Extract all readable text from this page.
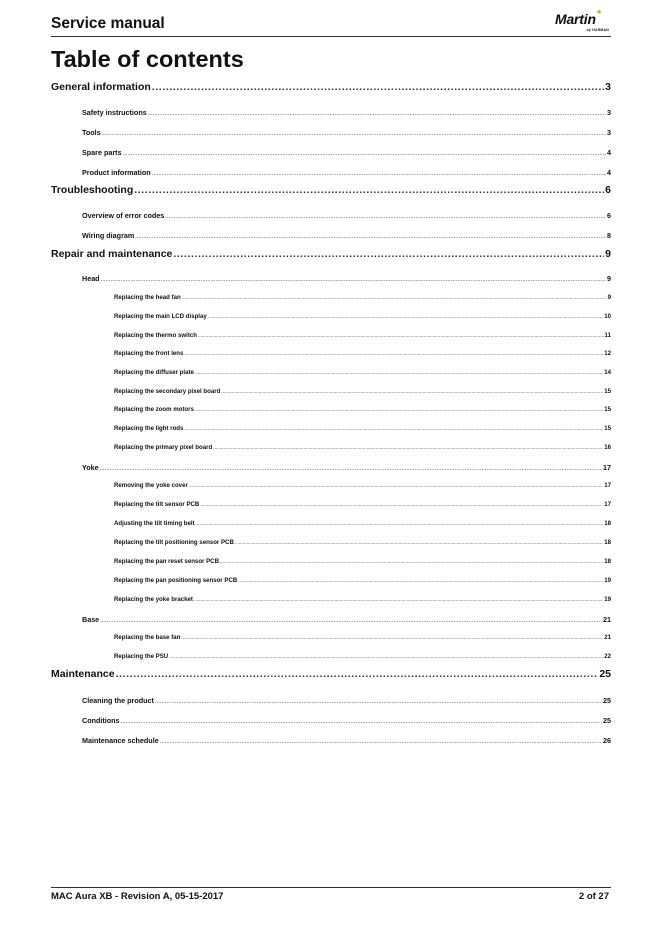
Service manual	Martin ★
by HARMAN
Table of contents
General information .....	3
Safety instructions .....	3
Tools .....	3
Spare parts .....	4
Product information .....	4
Troubleshooting .....	6
Overview of error codes .....	6
Wiring diagram .....	8
Repair and maintenance .....	9
Head .....	9
Replacing the head fan .....	9
Replacing the main LCD display .....	10
Replacing the thermo switch .....	11
Replacing the front lens .....	12
Replacing the diffuser plate .....	14
Replacing the secondary pixel board .....	15
Replacing the zoom motors .....	15
Replacing the light rods .....	15
Replacing the primary pixel board .....	16
Yoke .....	17
Removing the yoke cover .....	17
Replacing the tilt sensor PCB .....	17
Adjusting the tilt timing belt .....	18
Replacing the tilt positioning sensor PCB .....	18
Replacing the pan reset sensor PCB .....	18
Replacing the pan positioning sensor PCB .....	19
Replacing the yoke bracket .....	19
Base .....	21
Replacing the base fan .....	21
Replacing the PSU .....	22
Maintenance .....	25
Cleaning the product .....	25
Conditions .....	25
Maintenance schedule .....	26
MAC Aura XB - Revision A, 05-15-2017	2 of 27
